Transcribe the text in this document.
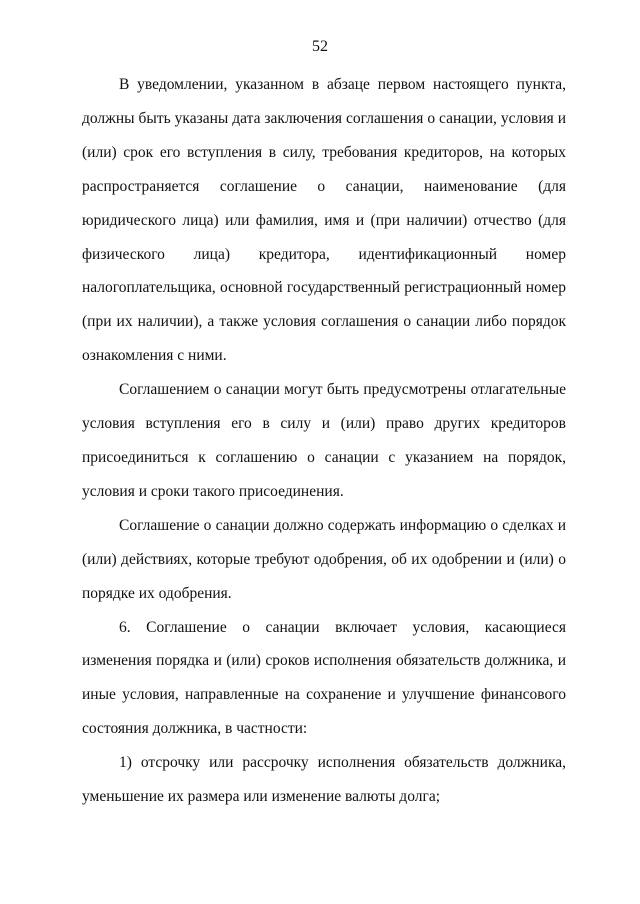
52

В уведомлении, указанном в абзаце первом настоящего пункта, должны быть указаны дата заключения соглашения о санации, условия и (или) срок его вступления в силу, требования кредиторов, на которых распространяется соглашение о санации, наименование (для юридического лица) или фамилия, имя и (при наличии) отчество (для физического лица) кредитора, идентификационный номер налогоплательщика, основной государственный регистрационный номер (при их наличии), а также условия соглашения о санации либо порядок ознакомления с ними.

Соглашением о санации могут быть предусмотрены отлагательные условия вступления его в силу и (или) право других кредиторов присоединиться к соглашению о санации с указанием на порядок, условия и сроки такого присоединения.

Соглашение о санации должно содержать информацию о сделках и (или) действиях, которые требуют одобрения, об их одобрении и (или) о порядке их одобрения.

6. Соглашение о санации включает условия, касающиеся изменения порядка и (или) сроков исполнения обязательств должника, и иные условия, направленные на сохранение и улучшение финансового состояния должника, в частности:

1) отсрочку или рассрочку исполнения обязательств должника, уменьшение их размера или изменение валюты долга;
